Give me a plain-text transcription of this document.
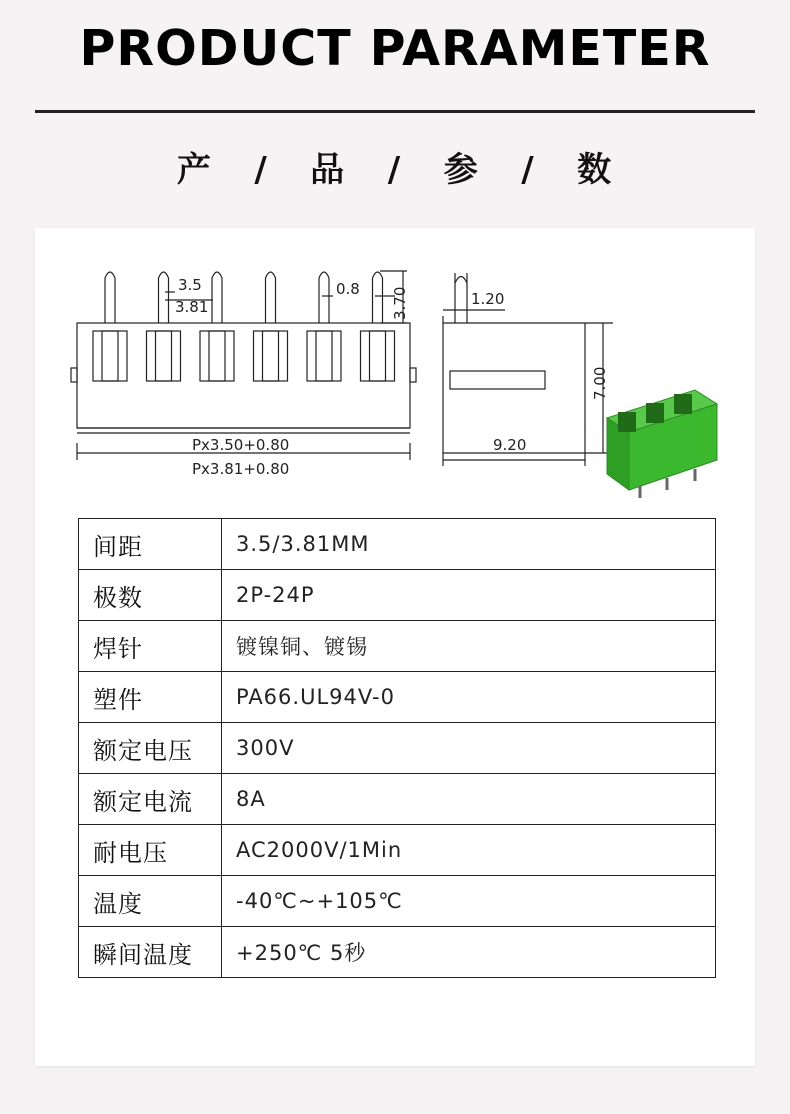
PRODUCT PARAMETER
产   /   品   /   参   /   数
3.5
3.81
0.8 3.70
Px3.50+0.80
Px3.81+0.80
1.20
7.00
9.20
间距	3.5/3.81MM
极数	2P-24P
焊针	镀镍铜、镀锡
塑件	PA66.UL94V-0
额定电压	300V
额定电流	8A
耐电压	AC2000V/1Min
温度	-40℃~+105℃
瞬间温度	+250℃ 5秒
